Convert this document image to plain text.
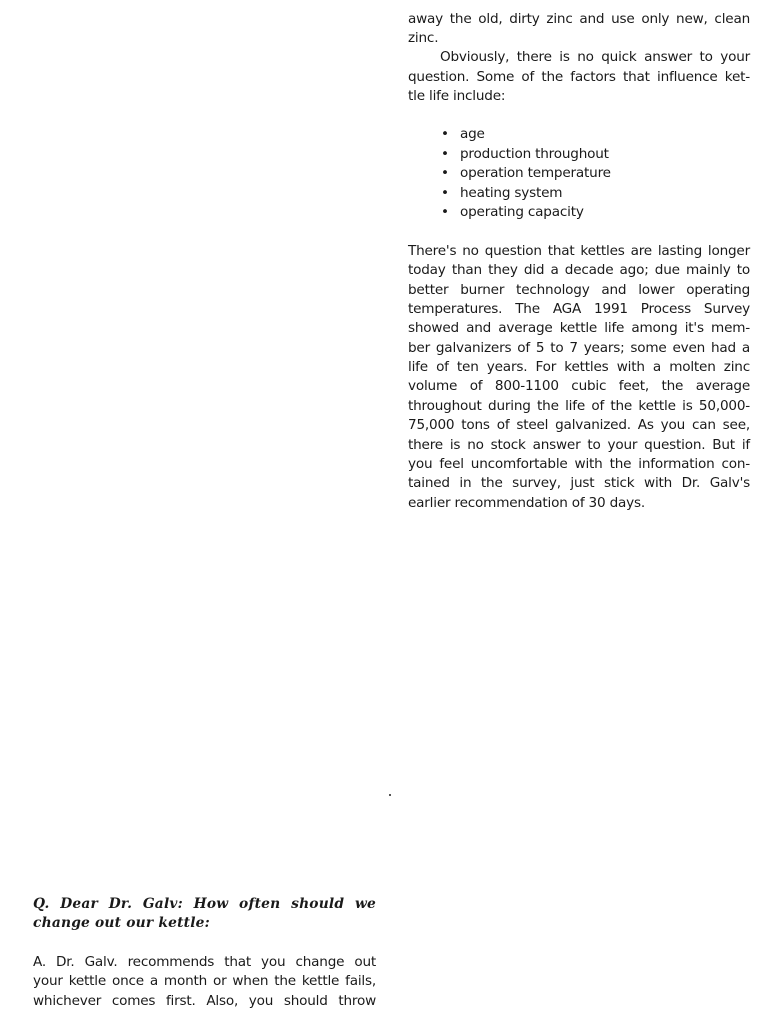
away the old, dirty zinc and use only new, clean
zinc.
Obviously, there is no quick answer to your
question. Some of the factors that influence ket-
tle life include:
• age
• production throughout
• operation temperature
• heating system
• operating capacity
There's no question that kettles are lasting longer
today than they did a decade ago; due mainly to
better burner technology and lower operating
temperatures. The AGA 1991 Process Survey
showed and average kettle life among it's mem-
ber galvanizers of 5 to 7 years; some even had a
life of ten years. For kettles with a molten zinc
volume of 800-1100 cubic feet, the average
throughout during the life of the kettle is 50,000-
75,000 tons of steel galvanized. As you can see,
there is no stock answer to your question. But if
you feel uncomfortable with the information con-
tained in the survey, just stick with Dr. Galv's
earlier recommendation of 30 days.
Q. Dear Dr. Galv: How often should we
change out our kettle:
A. Dr. Galv. recommends that you change out
your kettle once a month or when the kettle fails,
whichever comes first. Also, you should throw
